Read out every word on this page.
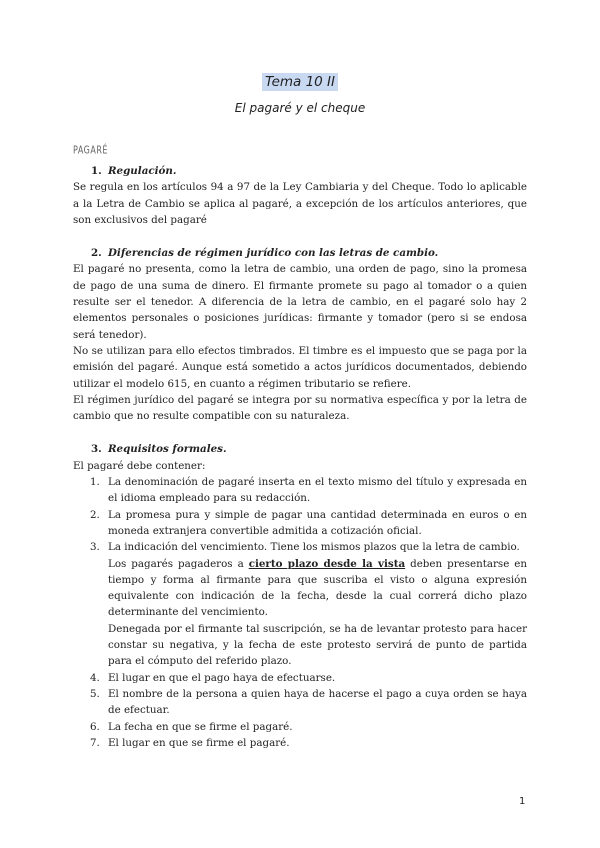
Tema 10 II
El pagaré y el cheque
PAGARÉ
1. Regulación.

Se regula en los artículos 94 a 97 de la Ley Cambiaria y del Cheque. Todo lo aplicable a la Letra de Cambio se aplica al pagaré, a excepción de los artículos anteriores, que son exclusivos del pagaré

2. Diferencias de régimen jurídico con las letras de cambio.

El pagaré no presenta, como la letra de cambio, una orden de pago, sino la promesa de pago de una suma de dinero. El firmante promete su pago al tomador o a quien resulte ser el tenedor. A diferencia de la letra de cambio, en el pagaré solo hay 2 elementos personales o posiciones jurídicas: firmante y tomador (pero si se endosa será tenedor).

No se utilizan para ello efectos timbrados. El timbre es el impuesto que se paga por la emisión del pagaré. Aunque está sometido a actos jurídicos documentados, debiendo utilizar el modelo 615, en cuanto a régimen tributario se refiere.

El régimen jurídico del pagaré se integra por su normativa específica y por la letra de cambio que no resulte compatible con su naturaleza.

3. Requisitos formales.

El pagaré debe contener:

1. La denominación de pagaré inserta en el texto mismo del título y expresada en el idioma empleado para su redacción.
2. La promesa pura y simple de pagar una cantidad determinada en euros o en moneda extranjera convertible admitida a cotización oficial.
3. La indicación del vencimiento. Tiene los mismos plazos que la letra de cambio.

Los pagarés pagaderos a cierto plazo desde la vista deben presentarse en tiempo y forma al firmante para que suscriba el visto o alguna expresión equivalente con indicación de la fecha, desde la cual correrá dicho plazo determinante del vencimiento.

Denegada por el firmante tal suscripción, se ha de levantar protesto para hacer constar su negativa, y la fecha de este protesto servirá de punto de partida para el cómputo del referido plazo.

4. El lugar en que el pago haya de efectuarse.
5. El nombre de la persona a quien haya de hacerse el pago a cuya orden se haya de efectuar.
6. La fecha en que se firme el pagaré.
7. El lugar en que se firme el pagaré.
1
